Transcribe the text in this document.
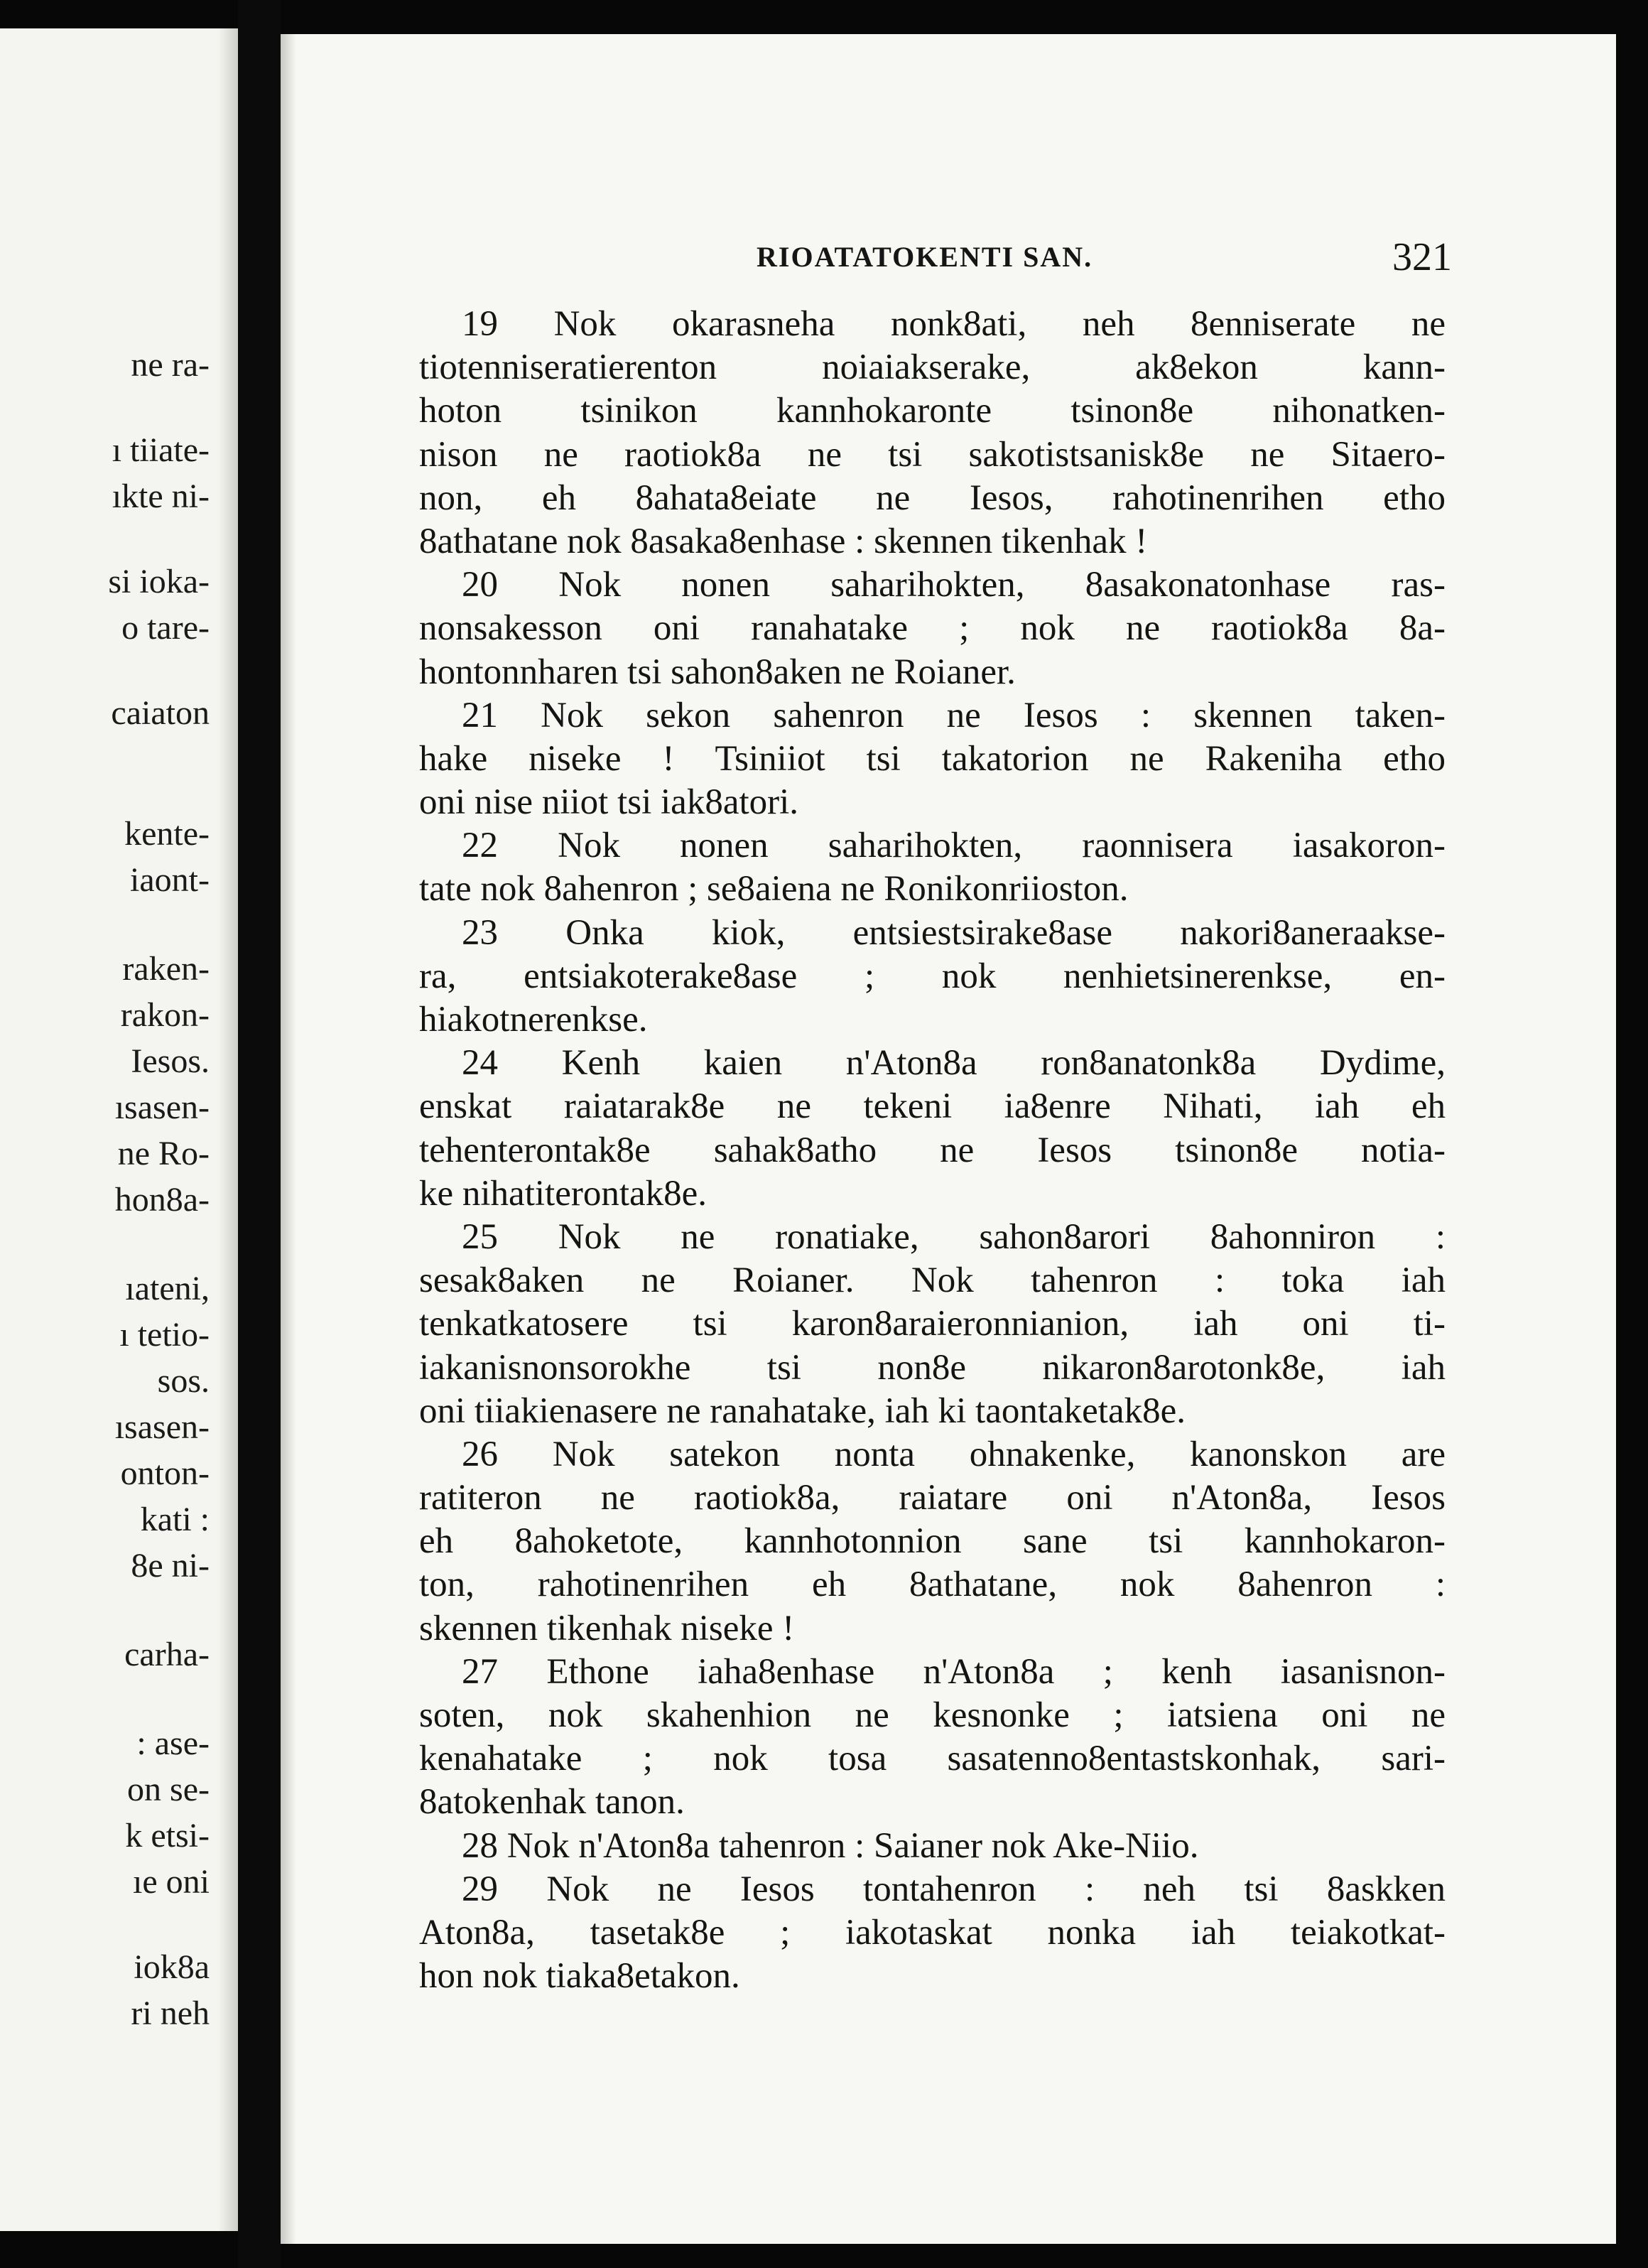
ne ra-
ı tiiate-
ıkte ni-
si ioka-
o tare-
caiaton
kente-
iaont-
raken-
rakon-
Iesos.
ısasen-
ne Ro-
hon8a-
ıateni,
ı tetio-
sos.
ısasen-
onton-
kati :
8e ni-
carha-
: ase-
on se-
k etsi-
ıe oni
iok8a
ri neh
RIOATATOKENTI SAN.	321
19 Nok okarasneha nonk8ati, neh 8enniserate ne
tiotenniseratierenton noiaiakserake, ak8ekon kann-
hoton tsinikon kannhokaronte tsinon8e nihonatken-
nison ne raotiok8a ne tsi sakotistsanisk8e ne Sitaero-
non, eh 8ahata8eiate ne Iesos, rahotinenrihen etho
8athatane nok 8asaka8enhase : skennen tikenhak !
20 Nok nonen saharihokten, 8asakonatonhase ras-
nonsakesson oni ranahatake ; nok ne raotiok8a 8a-
hontonnharen tsi sahon8aken ne Roianer.
21 Nok sekon sahenron ne Iesos : skennen taken-
hake niseke ! Tsiniiot tsi takatorion ne Rakeniha etho
oni nise niiot tsi iak8atori.
22 Nok nonen saharihokten, raonnisera iasakoron-
tate nok 8ahenron ; se8aiena ne Ronikonriioston.
23 Onka kiok, entsiestsirake8ase nakori8aneraakse-
ra, entsiakoterake8ase ; nok nenhietsinerenkse, en-
hiakotnerenkse.
24 Kenh kaien n'Aton8a ron8anatonk8a Dydime,
enskat raiatarak8e ne tekeni ia8enre Nihati, iah eh
tehenterontak8e sahak8atho ne Iesos tsinon8e notia-
ke nihatiterontak8e.
25 Nok ne ronatiake, sahon8arori 8ahonniron :
sesak8aken ne Roianer. Nok tahenron : toka iah
tenkatkatosere tsi karon8araieronnianion, iah oni ti-
iakanisnonsorokhe tsi non8e nikaron8arotonk8e, iah
oni tiiakienasere ne ranahatake, iah ki taontaketak8e.
26 Nok satekon nonta ohnakenke, kanonskon are
ratiteron ne raotiok8a, raiatare oni n'Aton8a, Iesos
eh 8ahoketote, kannhotonnion sane tsi kannhokaron-
ton, rahotinenrihen eh 8athatane, nok 8ahenron :
skennen tikenhak niseke !
27 Ethone iaha8enhase n'Aton8a ; kenh iasanisnon-
soten, nok skahenhion ne kesnonke ; iatsiena oni ne
kenahatake ; nok tosa sasatenno8entastskonhak, sari-
8atokenhak tanon.
28 Nok n'Aton8a tahenron : Saianer nok Ake-Niio.
29 Nok ne Iesos tontahenron : neh tsi 8askken
Aton8a, tasetak8e ; iakotaskat nonka iah teiakotkat-
hon nok tiaka8etakon.
